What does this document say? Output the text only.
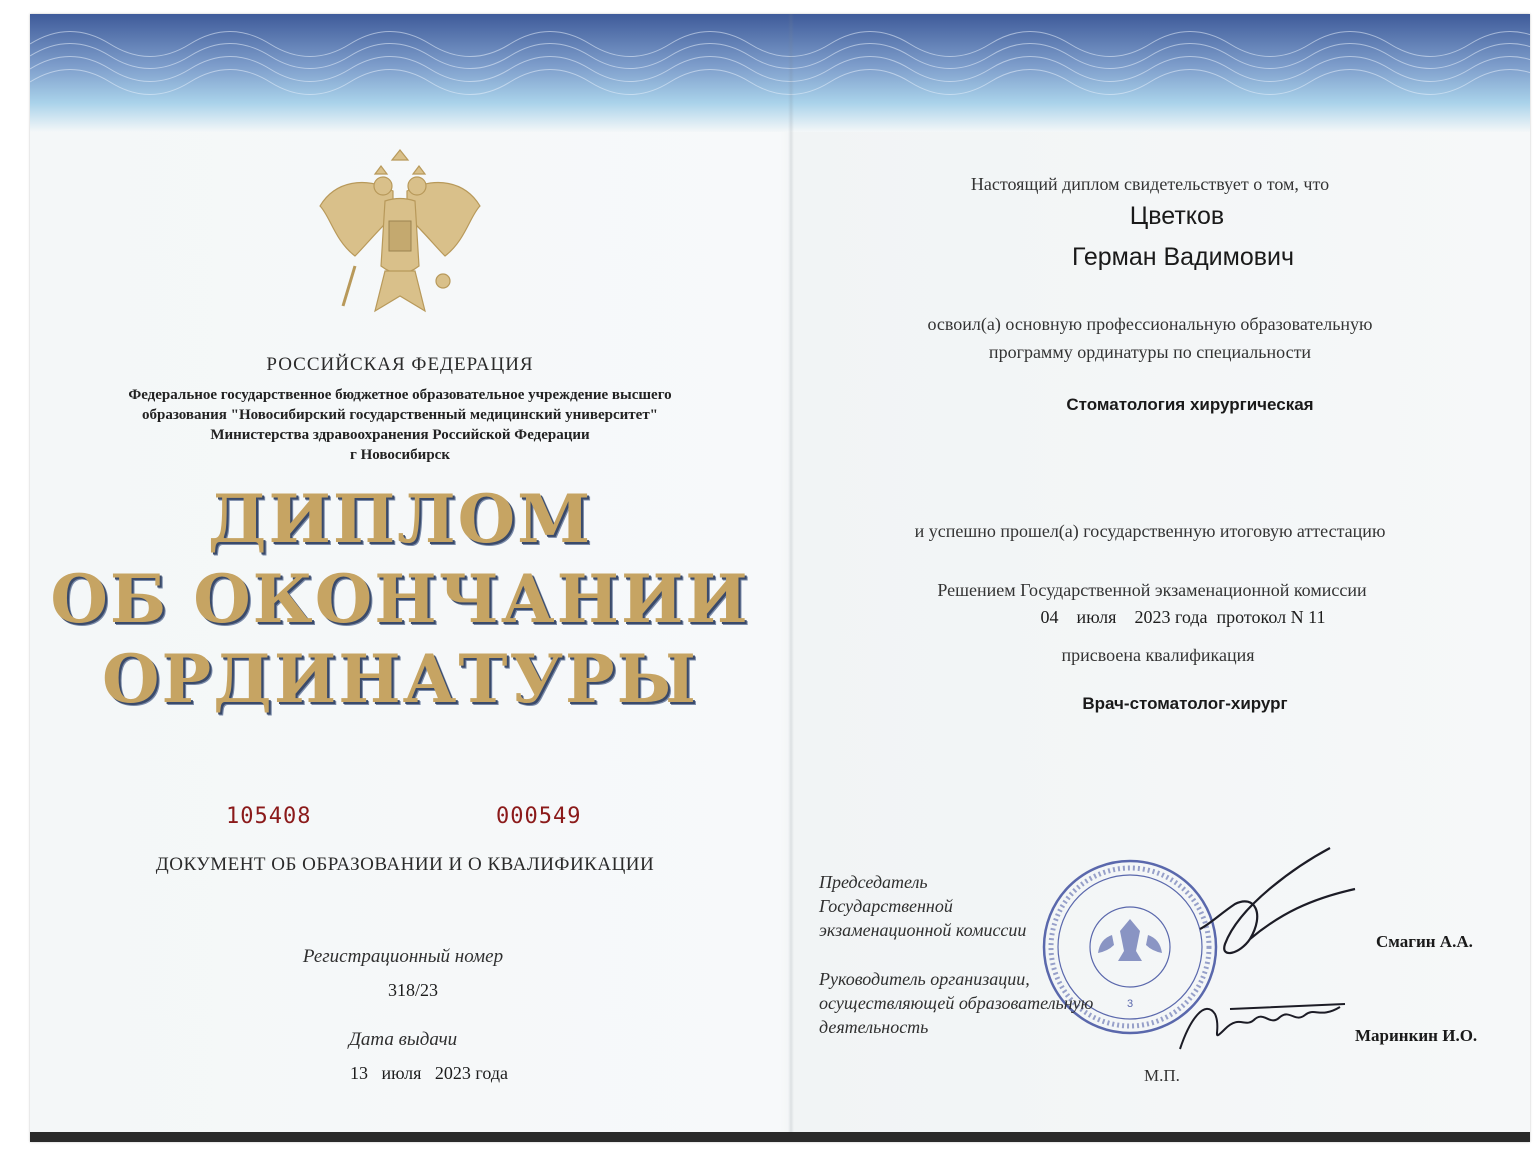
РОССИЙСКАЯ ФЕДЕРАЦИЯ
Федеральное государственное бюджетное образовательное учреждение высшего
образования "Новосибирский государственный медицинский университет"
Министерства здравоохранения Российской Федерации
г Новосибирск
ДИПЛОМ
ОБ ОКОНЧАНИИ
ОРДИНАТУРЫ
105408	000549
ДОКУМЕНТ ОБ ОБРАЗОВАНИИ И О КВАЛИФИКАЦИИ
Регистрационный номер
318/23
Дата выдачи
13   июля   2023 года
Настоящий диплом свидетельствует о том, что
Цветков
Герман Вадимович
освоил(а) основную профессиональную образовательную
программу ординатуры по специальности
Стоматология хирургическая
и успешно прошел(а) государственную итоговую аттестацию
Решением Государственной экзаменационной комиссии
04    июля    2023 года  протокол N 11
присвоена квалификация
Врач-стоматолог-хирург
3
Председатель
Государственной
экзаменационной комиссии
Смагин А.А.
Руководитель организации,
осуществляющей образовательную
деятельность	Маринкин И.О.
М.П.
